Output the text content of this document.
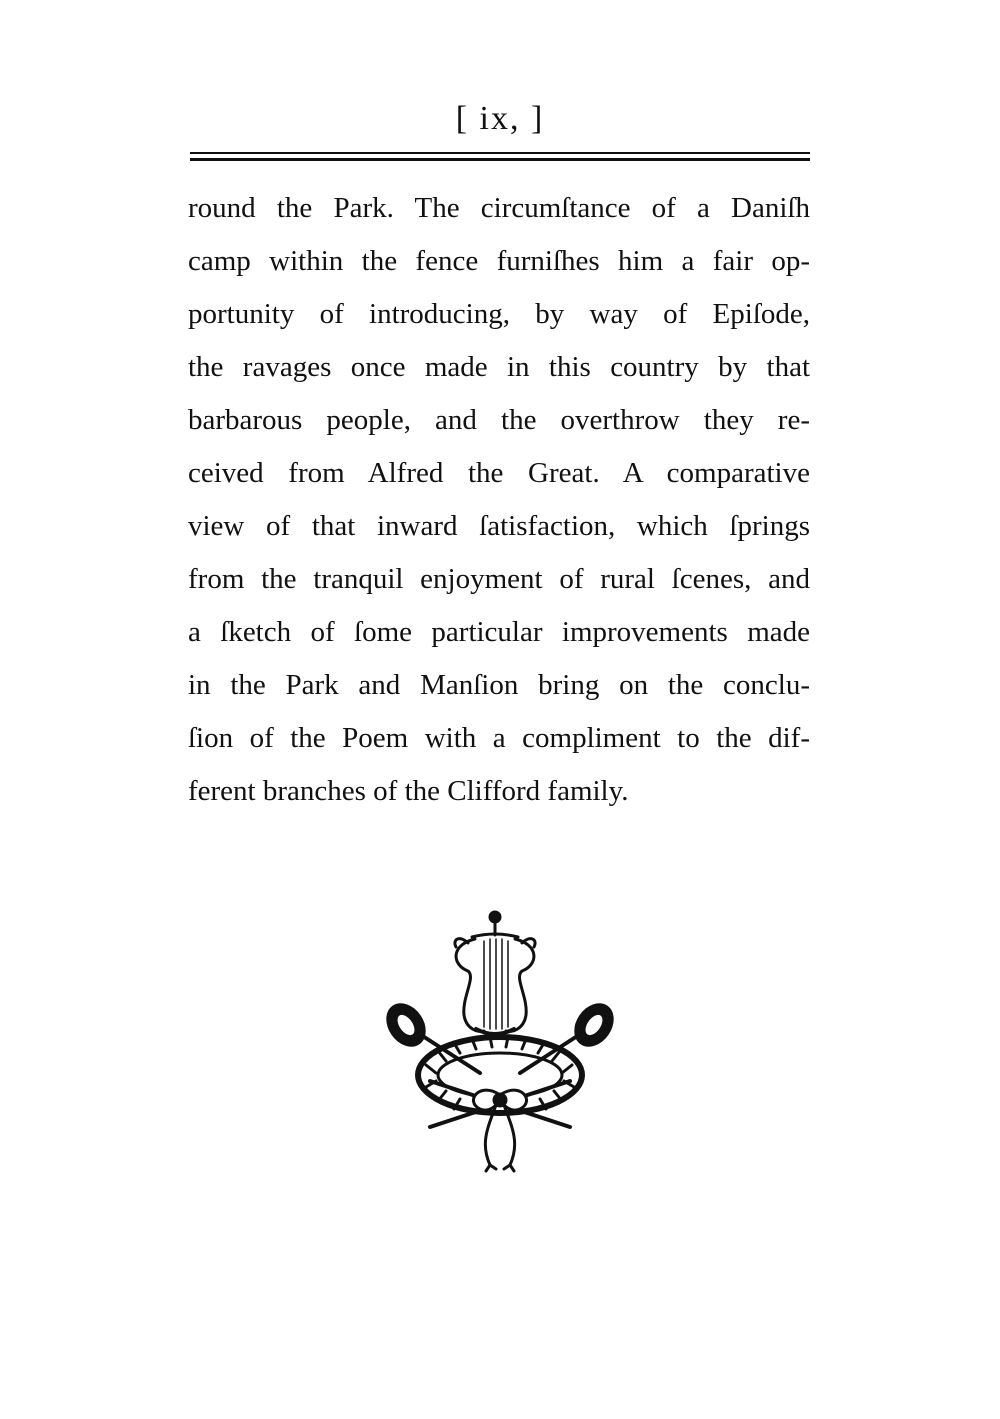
[ ix, ]
round the Park. The circumſtance of a Daniſh
camp within the fence furniſhes him a fair op-
portunity of introducing, by way of Epiſode,
the ravages once made in this country by that
barbarous people, and the overthrow they re-
ceived from Alfred the Great. A comparative
view of that inward ſatisfaction, which ſprings
from the tranquil enjoyment of rural ſcenes, and
a ſketch of ſome particular improvements made
in the Park and Manſion bring on the conclu-
ſion of the Poem with a compliment to the dif-
ferent branches of the Clifford family.
